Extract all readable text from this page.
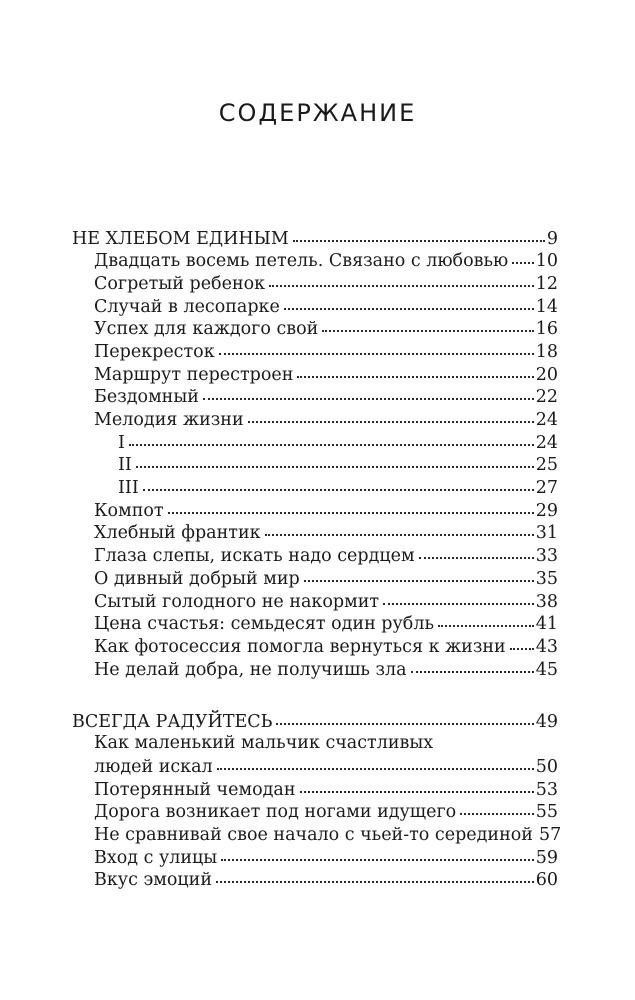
СОДЕРЖАНИЕ
НЕ ХЛЕБОМ ЕДИНЫМ	9
Двадцать восемь петель. Связано с любовью 10
Согретый ребенок	12
Случай в лесопарке	14
Успех для каждого свой	16
Перекресток	18
Маршрут перестроен	20
Бездомный	22
Мелодия жизни	24
I	24
II	25
III	27
Компот	29
Хлебный франтик	31
Глаза слепы, искать надо сердцем	33
О дивный добрый мир	35
Сытый голодного не накормит	38
Цена счастья: семьдесят один рубль	41
Как фотосессия помогла вернуться к жизни 43
Не делай добра, не получишь зла	45
ВСЕГДА РАДУЙТЕСЬ	49
Как маленький мальчик счастливых
людей искал	50
Потерянный чемодан	53
Дорога возникает под ногами идущего	55
Не сравнивай свое начало с чьей-то серединой 57
Вход с улицы	59
Вкус эмоций	60
